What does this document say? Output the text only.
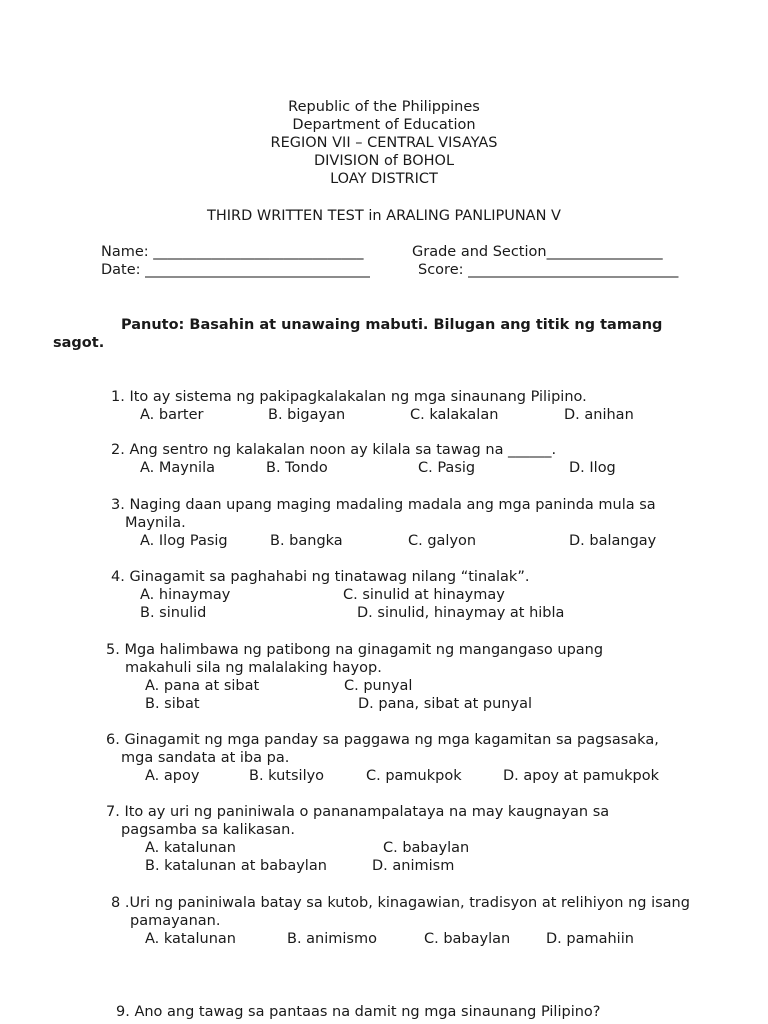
Republic of the Philippines
Department of Education
REGION VII – CENTRAL VISAYAS
DIVISION of BOHOL
LOAY DISTRICT
THIRD WRITTEN TEST in ARALING PANLIPUNAN V
Name: _____________________________	Grade and Section________________
Date: _______________________________	Score: _____________________________
Panuto: Basahin at unawaing mabuti. Bilugan ang titik ng tamang
sagot.
1. Ito ay sistema ng pakipagkalakalan ng mga sinaunang Pilipino.
A. barter	B. bigayan	C. kalakalan	D. anihan
2. Ang sentro ng kalakalan noon ay kilala sa tawag na ______.
A. Maynila	B. Tondo	C. Pasig	D. Ilog
3. Naging daan upang maging madaling madala ang mga paninda mula sa
Maynila.
A. Ilog Pasig	B. bangka	C. galyon	D. balangay
4. Ginagamit sa paghahabi ng tinatawag nilang “tinalak”.
A. hinaymay	C. sinulid at hinaymay
B. sinulid	D. sinulid, hinaymay at hibla
5. Mga halimbawa ng patibong na ginagamit ng mangangaso upang
makahuli sila ng malalaking hayop.
A. pana at sibat	C. punyal
B. sibat	D. pana, sibat at punyal
6. Ginagamit ng mga panday sa paggawa ng mga kagamitan sa pagsasaka,
mga sandata at iba pa.
A. apoy	B. kutsilyo	C. pamukpok	D. apoy at pamukpok
7. Ito ay uri ng paniniwala o pananampalataya na may kaugnayan sa
pagsamba sa kalikasan.
A. katalunan	C. babaylan
B. katalunan at babaylan	D. animism
8 .Uri ng paniniwala batay sa kutob, kinagawian, tradisyon at relihiyon ng isang
pamayanan.
A. katalunan	B. animismo	C. babaylan D. pamahiin
9. Ano ang tawag sa pantaas na damit ng mga sinaunang Pilipino?
